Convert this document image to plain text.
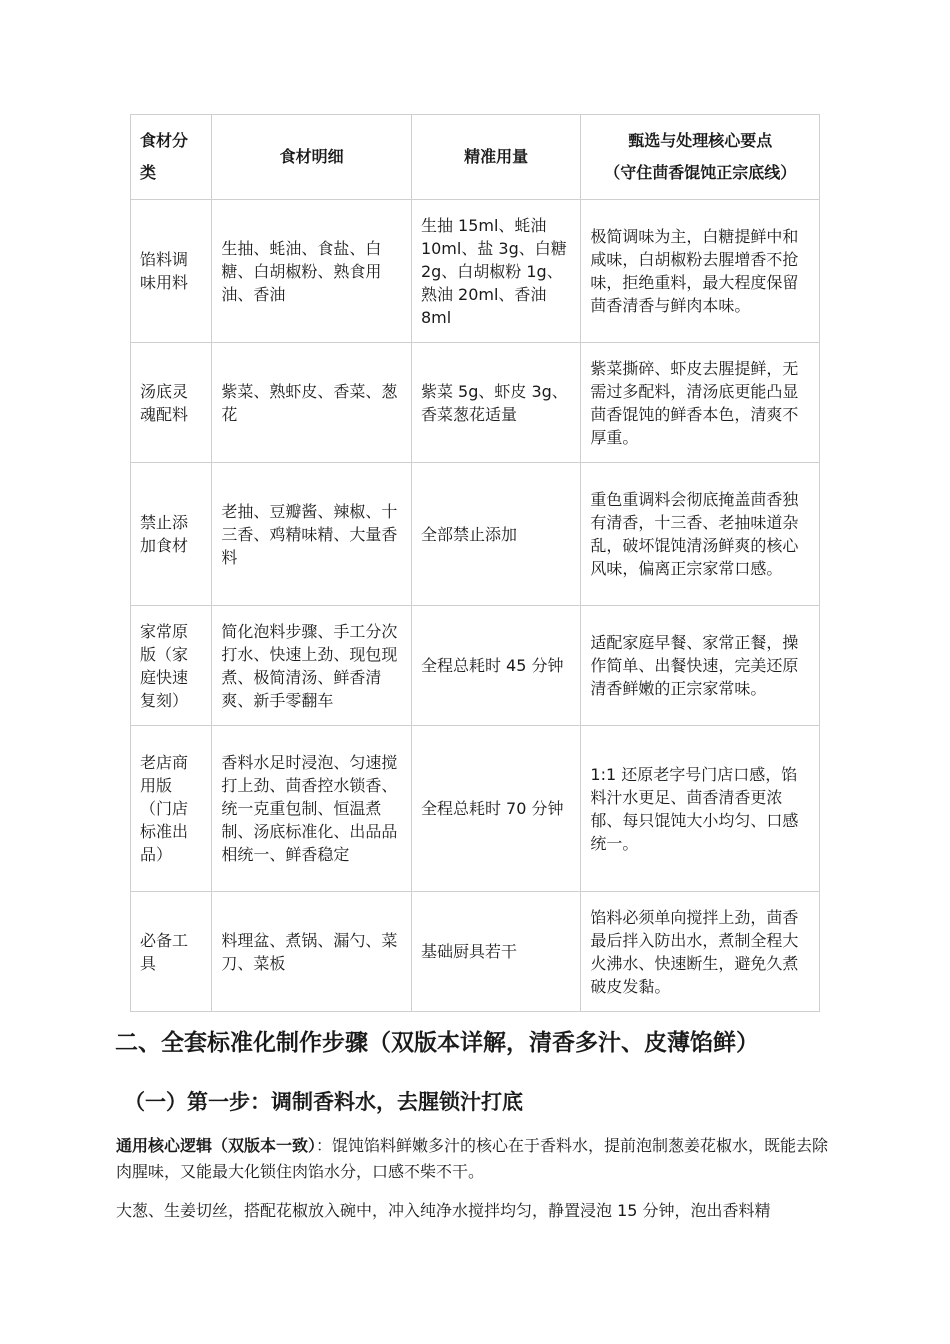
食材分类	食材明细	精准用量	甄选与处理核心要点
（守住茴香馄饨正宗底线）

馅料调味用料	生抽、蚝油、食盐、白糖、白胡椒粉、熟食用油、香油	生抽 15ml、蚝油 10ml、盐 3g、白糖 2g、白胡椒粉 1g、熟油 20ml、香油 8ml	极简调味为主，白糖提鲜中和咸味，白胡椒粉去腥增香不抢味，拒绝重料，最大程度保留茴香清香与鲜肉本味。
汤底灵魂配料	紫菜、熟虾皮、香菜、葱花	紫菜 5g、虾皮 3g、香菜葱花适量	紫菜撕碎、虾皮去腥提鲜，无需过多配料，清汤底更能凸显茴香馄饨的鲜香本色，清爽不厚重。
禁止添加食材	老抽、豆瓣酱、辣椒、十三香、鸡精味精、大量香料	全部禁止添加	重色重调料会彻底掩盖茴香独有清香，十三香、老抽味道杂乱，破坏馄饨清汤鲜爽的核心风味，偏离正宗家常口感。
家常原版（家庭快速复刻）	简化泡料步骤、手工分次打水、快速上劲、现包现煮、极简清汤、鲜香清爽、新手零翻车	全程总耗时 45 分钟	适配家庭早餐、家常正餐，操作简单、出餐快速，完美还原清香鲜嫩的正宗家常味。
老店商用版（门店标准出品）	香料水足时浸泡、匀速搅打上劲、茴香控水锁香、统一克重包制、恒温煮制、汤底标准化、出品品相统一、鲜香稳定	全程总耗时 70 分钟	1:1 还原老字号门店口感，馅料汁水更足、茴香清香更浓郁、每只馄饨大小均匀、口感统一。
必备工具	料理盆、煮锅、漏勺、菜刀、菜板	基础厨具若干	馅料必须单向搅拌上劲，茴香最后拌入防出水，煮制全程大火沸水、快速断生，避免久煮破皮发黏。
二、全套标准化制作步骤（双版本详解，清香多汁、皮薄馅鲜）
（一）第一步：调制香料水，去腥锁汁打底

通用核心逻辑（双版本一致）：馄饨馅料鲜嫩多汁的核心在于香料水，提前泡制葱姜花椒水，既能去除肉腥味，又能最大化锁住肉馅水分，口感不柴不干。

大葱、生姜切丝，搭配花椒放入碗中，冲入纯净水搅拌均匀，静置浸泡 15 分钟，泡出香料精
